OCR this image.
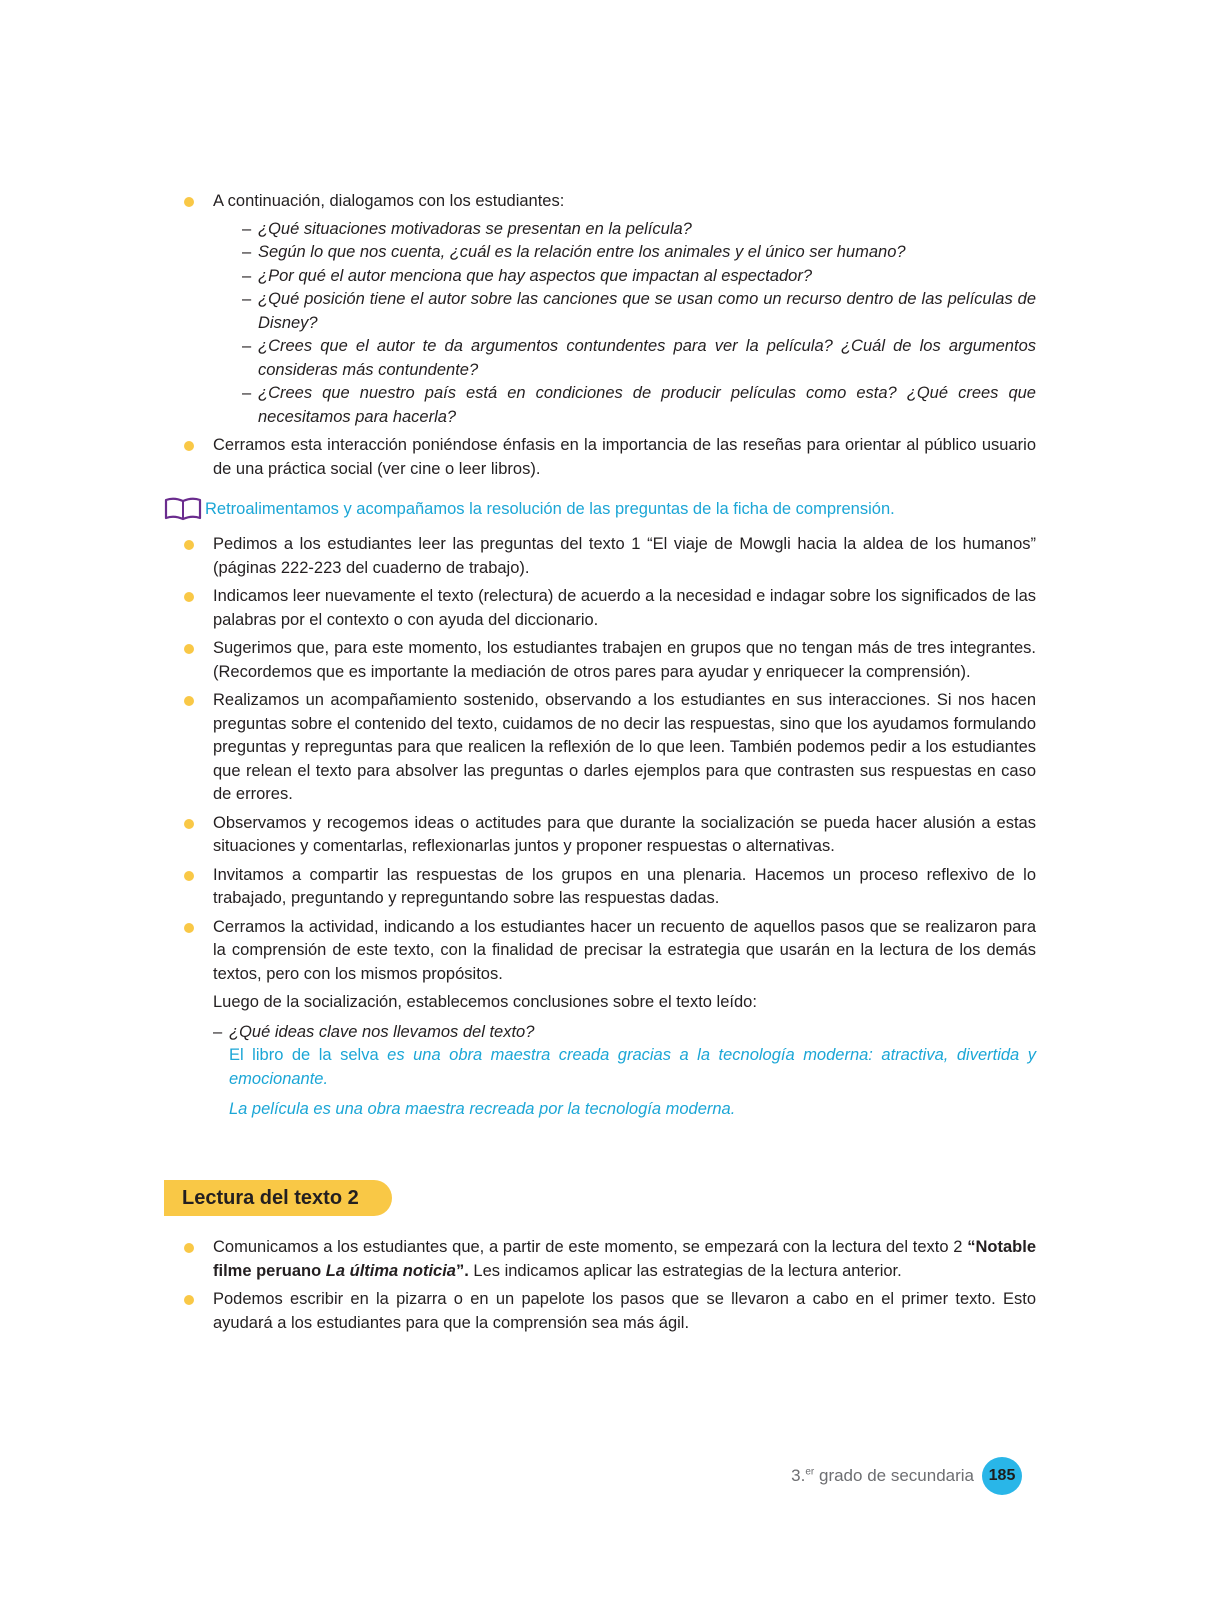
A continuación, dialogamos con los estudiantes:
– ¿Qué situaciones motivadoras se presentan en la película?
– Según lo que nos cuenta, ¿cuál es la relación entre los animales y el único ser humano?
– ¿Por qué el autor menciona que hay aspectos que impactan al espectador?
– ¿Qué posición tiene el autor sobre las canciones que se usan como un recurso dentro de las películas de Disney?
– ¿Crees que el autor te da argumentos contundentes para ver la película? ¿Cuál de los argumentos consideras más contundente?
– ¿Crees que nuestro país está en condiciones de producir películas como esta? ¿Qué crees que necesitamos para hacerla?
Cerramos esta interacción poniéndose énfasis en la importancia de las reseñas para orientar al público usuario de una práctica social (ver cine o leer libros).
Retroalimentamos y acompañamos la resolución de las preguntas de la ficha de comprensión.
Pedimos a los estudiantes leer las preguntas del texto 1 “El viaje de Mowgli hacia la aldea de los humanos” (páginas 222-223 del cuaderno de trabajo).
Indicamos leer nuevamente el texto (relectura) de acuerdo a la necesidad e indagar sobre los significados de las palabras por el contexto o con ayuda del diccionario.
Sugerimos que, para este momento, los estudiantes trabajen en grupos que no tengan más de tres integrantes. (Recordemos que es importante la mediación de otros pares para ayudar y enriquecer la comprensión).
Realizamos un acompañamiento sostenido, observando a los estudiantes en sus interacciones. Si nos hacen preguntas sobre el contenido del texto, cuidamos de no decir las respuestas, sino que los ayudamos formulando preguntas y repreguntas para que realicen la reflexión de lo que leen. También podemos pedir a los estudiantes que relean el texto para absolver las preguntas o darles ejemplos para que contrasten sus respuestas en caso de errores.
Observamos y recogemos ideas o actitudes para que durante la socialización se pueda hacer alusión a estas situaciones y comentarlas, reflexionarlas juntos y proponer respuestas o alternativas.
Invitamos a compartir las respuestas de los grupos en una plenaria. Hacemos un proceso reflexivo de lo trabajado, preguntando y repreguntando sobre las respuestas dadas.
Cerramos la actividad, indicando a los estudiantes hacer un recuento de aquellos pasos que se realizaron para la comprensión de este texto, con la finalidad de precisar la estrategia que usarán en la lectura de los demás textos, pero con los mismos propósitos.
Luego de la socialización, establecemos conclusiones sobre el texto leído:
– ¿Qué ideas clave nos llevamos del texto?
El libro de la selva es una obra maestra creada gracias a la tecnología moderna: atractiva, divertida y emocionante.
La película es una obra maestra recreada por la tecnología moderna.
Lectura del texto 2
Comunicamos a los estudiantes que, a partir de este momento, se empezará con la lectura del texto 2 “Notable filme peruano La última noticia”. Les indicamos aplicar las estrategias de la lectura anterior.
Podemos escribir en la pizarra o en un papelote los pasos que se llevaron a cabo en el primer texto. Esto ayudará a los estudiantes para que la comprensión sea más ágil.
3.$^{er}$ grado de secundaria 185
